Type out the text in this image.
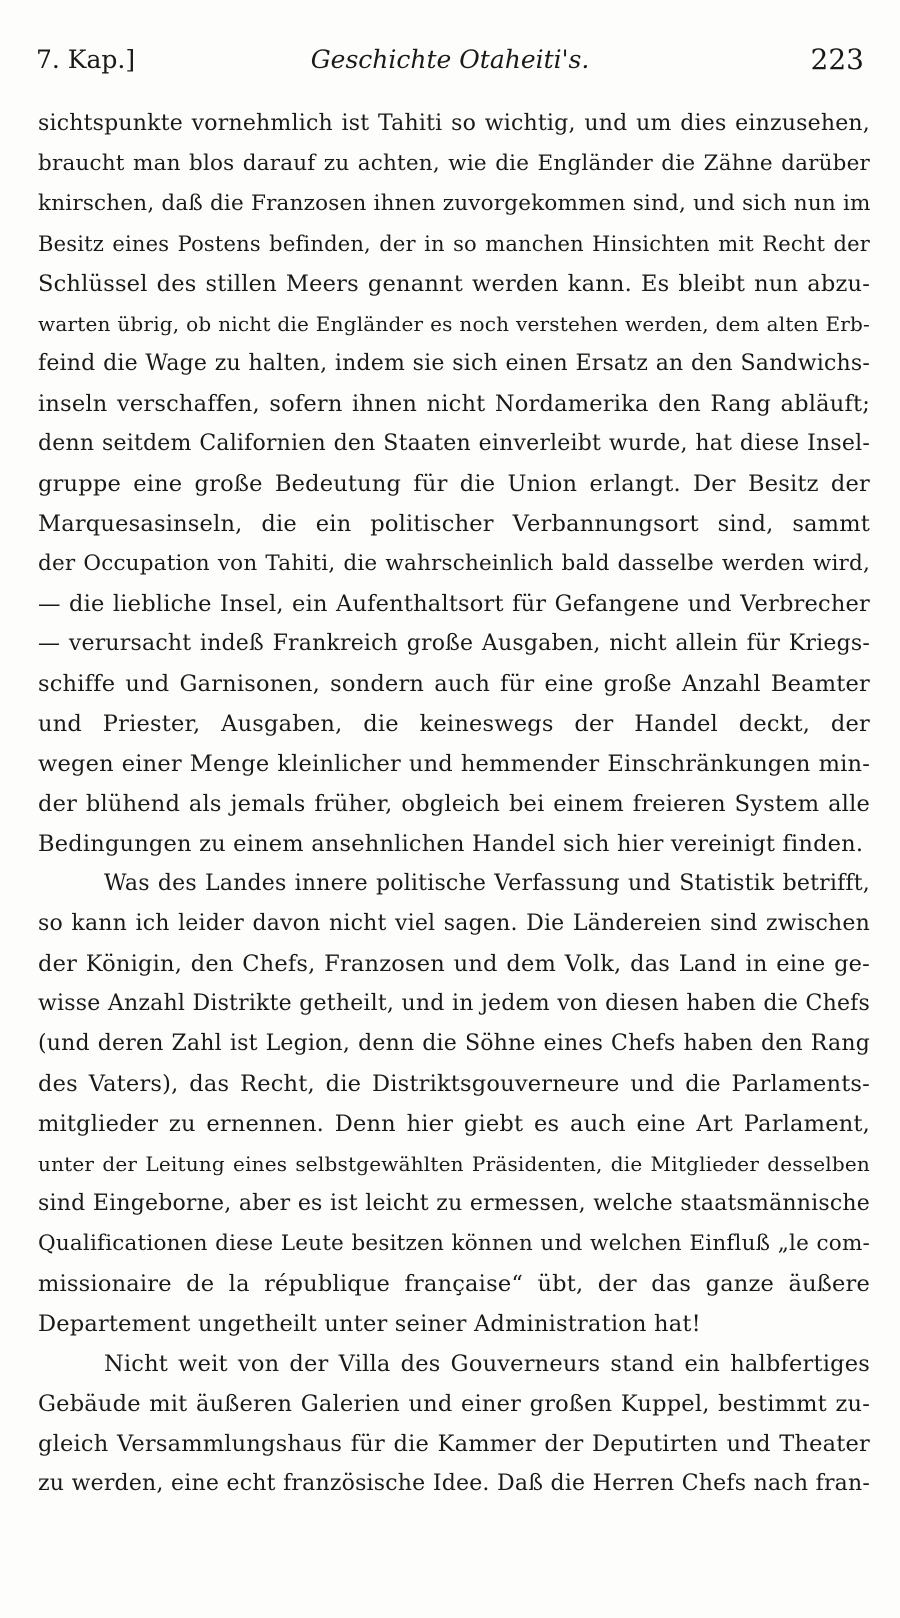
7. Kap.]	Geschichte Otaheiti's.	223
sichtspunkte vornehmlich ist Tahiti so wichtig, und um dies einzusehen,
braucht man blos darauf zu achten, wie die Engländer die Zähne darüber
knirschen, daß die Franzosen ihnen zuvorgekommen sind, und sich nun im
Besitz eines Postens befinden, der in so manchen Hinsichten mit Recht der
Schlüssel des stillen Meers genannt werden kann. Es bleibt nun abzu-
warten übrig, ob nicht die Engländer es noch verstehen werden, dem alten Erb-
feind die Wage zu halten, indem sie sich einen Ersatz an den Sandwichs-
inseln verschaffen, sofern ihnen nicht Nordamerika den Rang abläuft;
denn seitdem Californien den Staaten einverleibt wurde, hat diese Insel-
gruppe eine große Bedeutung für die Union erlangt. Der Besitz der
Marquesasinseln, die ein politischer Verbannungsort sind, sammt
der Occupation von Tahiti, die wahrscheinlich bald dasselbe werden wird,
— die liebliche Insel, ein Aufenthaltsort für Gefangene und Verbrecher
— verursacht indeß Frankreich große Ausgaben, nicht allein für Kriegs-
schiffe und Garnisonen, sondern auch für eine große Anzahl Beamter
und Priester, Ausgaben, die keineswegs der Handel deckt, der
wegen einer Menge kleinlicher und hemmender Einschränkungen min-
der blühend als jemals früher, obgleich bei einem freieren System alle
Bedingungen zu einem ansehnlichen Handel sich hier vereinigt finden.
Was des Landes innere politische Verfassung und Statistik betrifft,
so kann ich leider davon nicht viel sagen. Die Ländereien sind zwischen
der Königin, den Chefs, Franzosen und dem Volk, das Land in eine ge-
wisse Anzahl Distrikte getheilt, und in jedem von diesen haben die Chefs
(und deren Zahl ist Legion, denn die Söhne eines Chefs haben den Rang
des Vaters), das Recht, die Distriktsgouverneure und die Parlaments-
mitglieder zu ernennen. Denn hier giebt es auch eine Art Parlament,
unter der Leitung eines selbstgewählten Präsidenten, die Mitglieder desselben
sind Eingeborne, aber es ist leicht zu ermessen, welche staatsmännische
Qualificationen diese Leute besitzen können und welchen Einfluß „le com-
missionaire de la république française“ übt, der das ganze äußere
Departement ungetheilt unter seiner Administration hat!
Nicht weit von der Villa des Gouverneurs stand ein halbfertiges
Gebäude mit äußeren Galerien und einer großen Kuppel, bestimmt zu-
gleich Versammlungshaus für die Kammer der Deputirten und Theater
zu werden, eine echt französische Idee. Daß die Herren Chefs nach fran-
